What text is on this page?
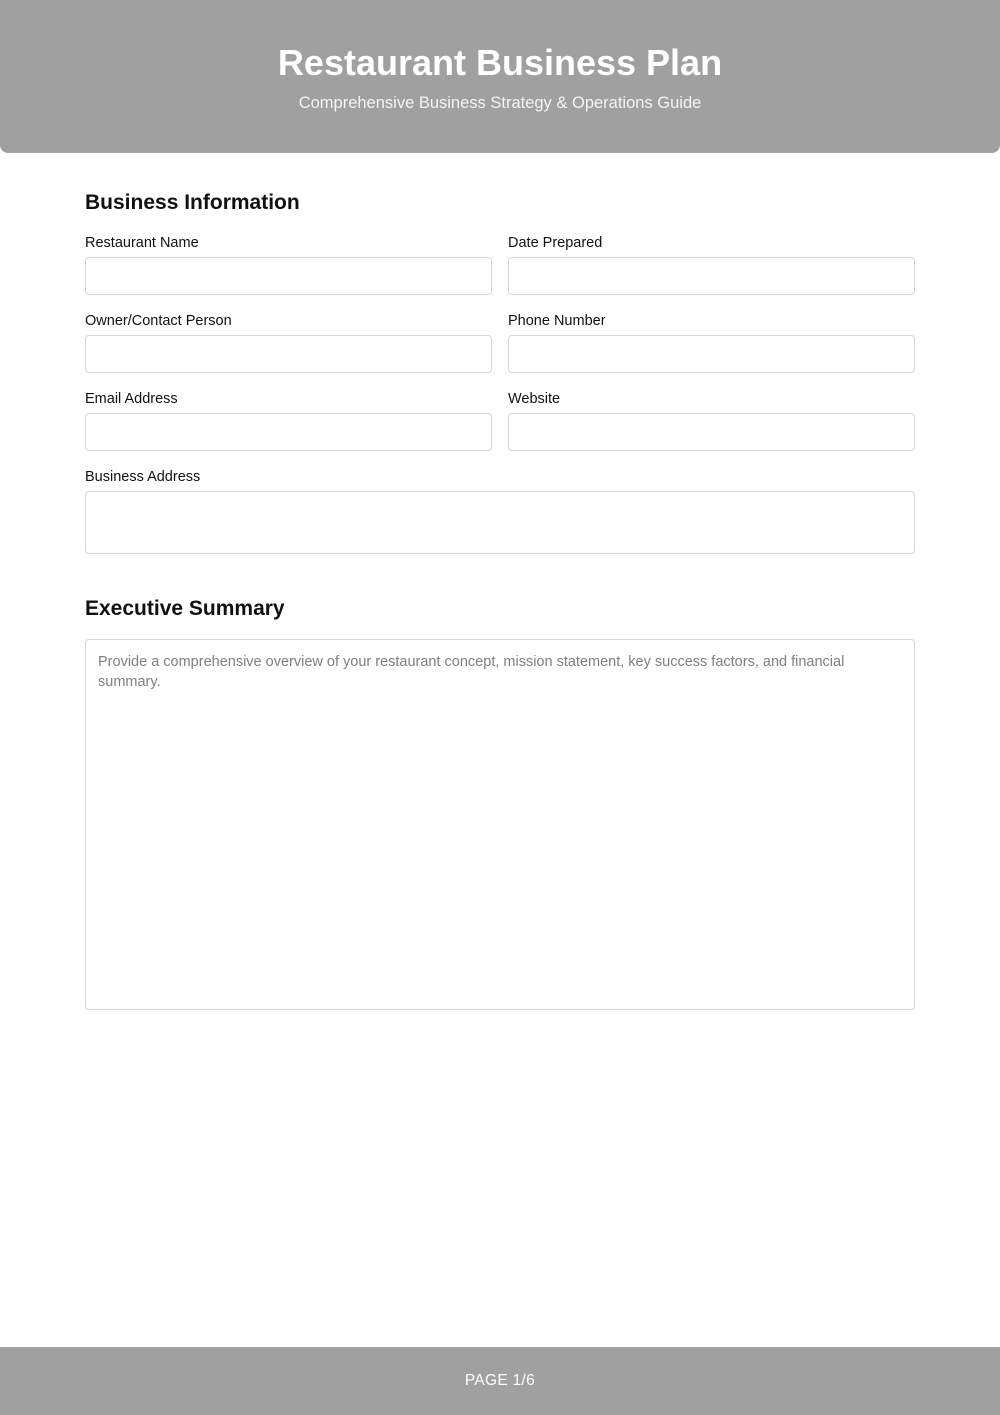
Restaurant Business Plan
Comprehensive Business Strategy & Operations Guide
Business Information
Restaurant Name	Date Prepared
Owner/Contact Person	Phone Number
Email Address	Website
Business Address
Executive Summary
Provide a comprehensive overview of your restaurant concept, mission statement, key success factors, and financial summary.
PAGE 1/6
